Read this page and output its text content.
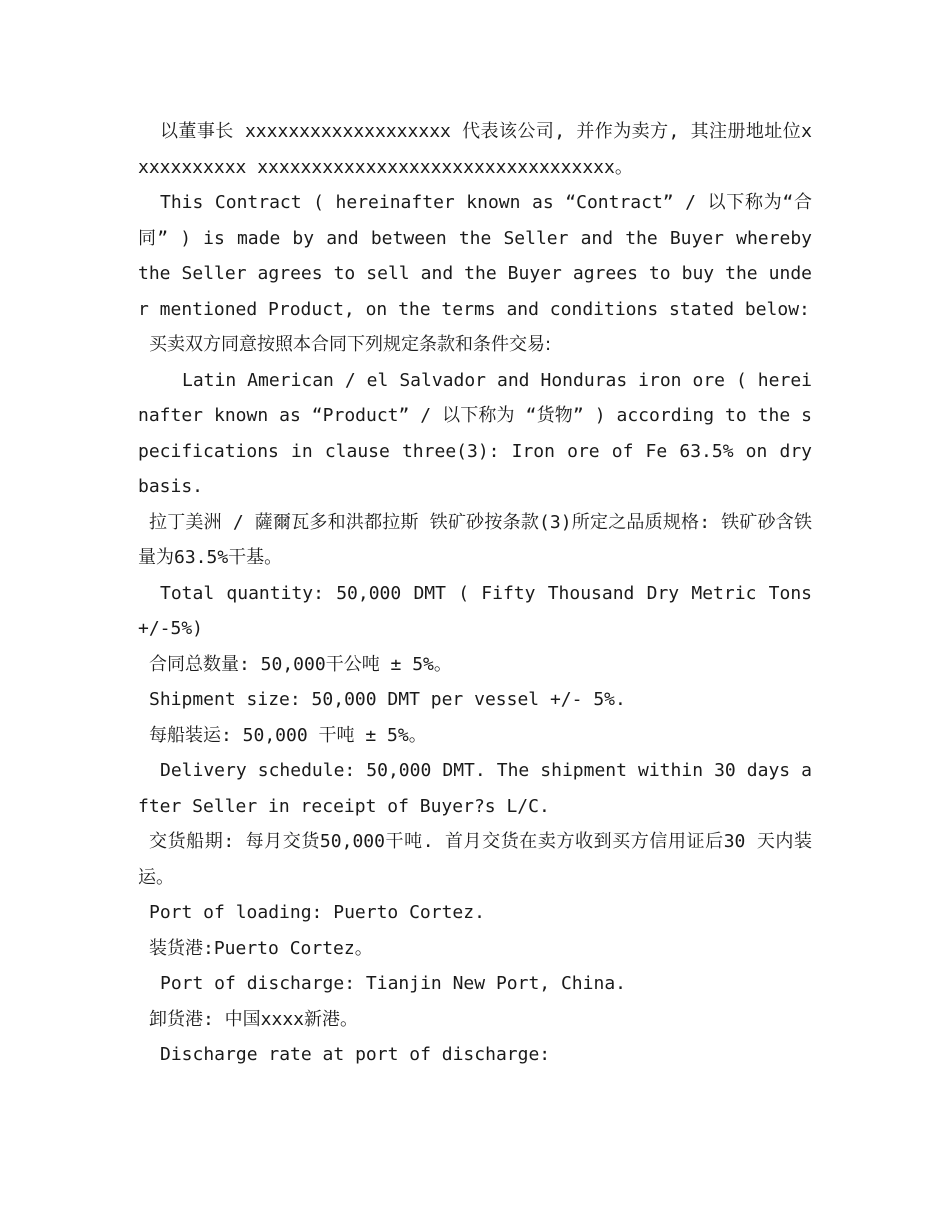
以董事长 xxxxxxxxxxxxxxxxxxx 代表该公司, 并作为卖方, 其注册地址位xxxxxxxxxxx xxxxxxxxxxxxxxxxxxxxxxxxxxxxxxxxx。

This Contract ( hereinafter known as “Contract” / 以下称为“合同” ) is made by and between the Seller and the Buyer whereby the Seller agrees to sell and the Buyer agrees to buy the under mentioned Product, on the terms and conditions stated below:

买卖双方同意按照本合同下列规定条款和条件交易:

Latin American / el Salvador and Honduras iron ore ( hereinafter known as “Product” / 以下称为 “货物” ) according to the specifications in clause three(3): Iron ore of Fe 63.5% on dry basis.

拉丁美洲 / 薩爾瓦多和洪都拉斯 铁矿砂按条款(3)所定之品质规格: 铁矿砂含铁量为63.5%干基。

Total quantity: 50,000 DMT ( Fifty Thousand Dry Metric Tons +/-5%)

合同总数量: 50,000干公吨 ± 5%。

Shipment size: 50,000 DMT per vessel +/- 5%.

每船装运: 50,000 干吨 ± 5%。

Delivery schedule: 50,000 DMT. The shipment within 30 days after Seller in receipt of Buyer?s L/C.

交货船期: 每月交货50,000干吨. 首月交货在卖方收到买方信用证后30 天内装运。

Port of loading: Puerto Cortez.

装货港:Puerto Cortez。

Port of discharge: Tianjin New Port, China.

卸货港: 中国xxxx新港。

Discharge rate at port of discharge:
